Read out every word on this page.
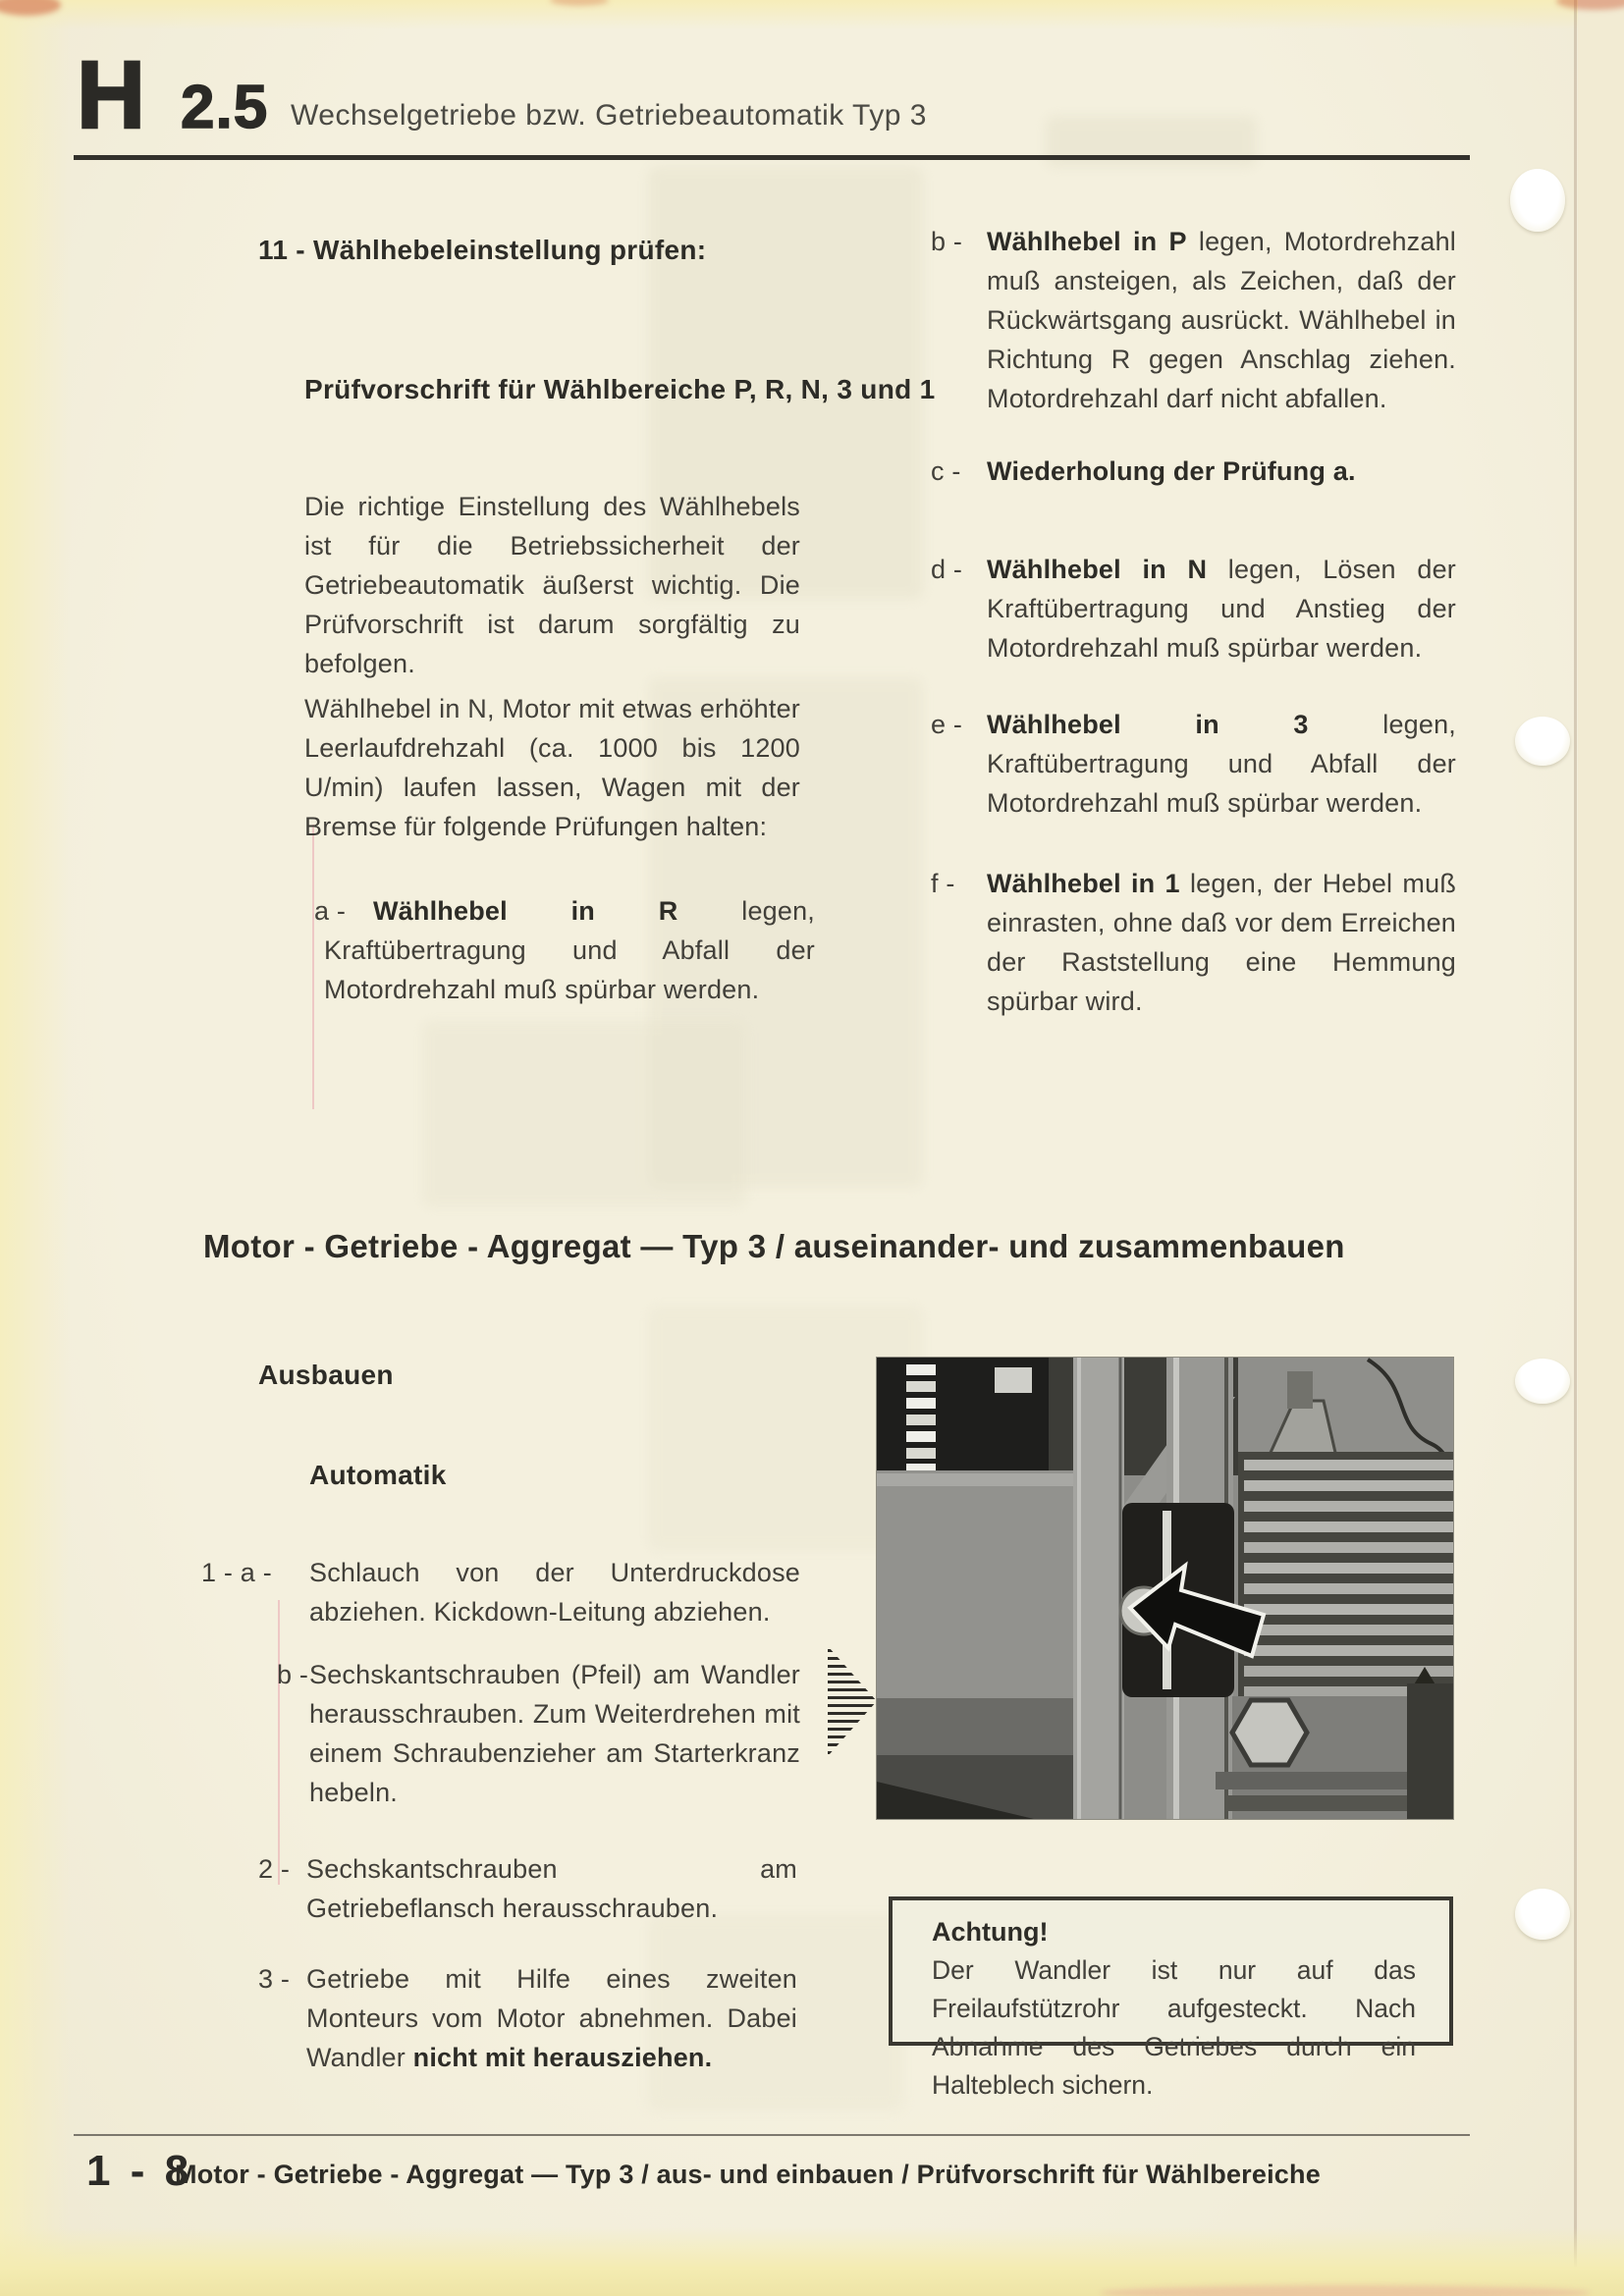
H 2.5 Wechselgetriebe bzw. Getriebeautomatik Typ 3
11 - Wählhebeleinstellung prüfen:
Prüfvorschrift für Wählbereiche P, R, N, 3 und 1
Die richtige Einstellung des Wählhebels ist für die Betriebssicherheit der Getriebeautomatik äußerst wichtig. Die Prüfvorschrift ist darum sorgfältig zu befolgen.
Wählhebel in N, Motor mit etwas erhöhter Leerlaufdrehzahl (ca. 1000 bis 1200 U/min) laufen lassen, Wagen mit der Bremse für folgende Prüfungen halten:
a -Wählhebel in R legen, Kraftübertragung und Abfall der Motordrehzahl muß spürbar werden.
b -Wählhebel in P legen, Motordrehzahl muß ansteigen, als Zeichen, daß der Rückwärtsgang ausrückt. Wählhebel in Richtung R gegen Anschlag ziehen. Motordrehzahl darf nicht abfallen.
c -Wiederholung der Prüfung a.
d -Wählhebel in N legen, Lösen der Kraftübertragung und Anstieg der Motordrehzahl muß spürbar werden.
e -Wählhebel in 3 legen, Kraftübertragung und Abfall der Motordrehzahl muß spürbar werden.
f -Wählhebel in 1 legen, der Hebel muß einrasten, ohne daß vor dem Erreichen der Raststellung eine Hemmung spürbar wird.
Motor - Getriebe - Aggregat — Typ 3 / auseinander- und zusammenbauen
Ausbauen
Automatik
1 - a -Schlauch von der Unterdruckdose abziehen. Kickdown-Leitung abziehen.
b -Sechskantschrauben (Pfeil) am Wandler herausschrauben. Zum Weiterdrehen mit einem Schraubenzieher am Starterkranz hebeln.
2 -Sechskantschrauben am Getriebeflansch herausschrauben.
3 -Getriebe mit Hilfe eines zweiten Monteurs vom Motor abnehmen. Dabei Wandler nicht mit herausziehen.
Achtung!
Der Wandler ist nur auf das Freilaufstützrohr aufgesteckt. Nach Abnahme des Getriebes durch ein Halteblech sichern.
1 - 8
Motor - Getriebe - Aggregat — Typ 3 / aus- und einbauen / Prüfvorschrift für Wählbereiche
